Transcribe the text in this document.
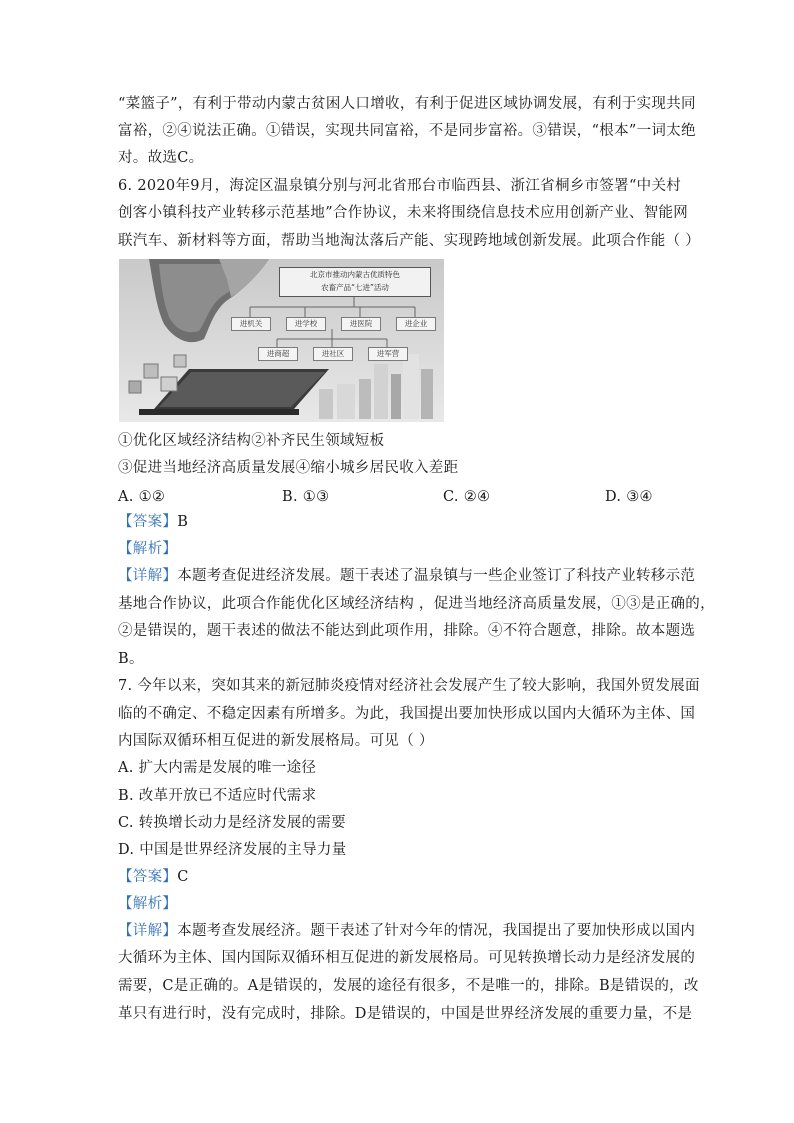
“菜篮子”，有利于带动内蒙古贫困人口增收，有利于促进区域协调发展，有利于实现共同
富裕，②④说法正确。①错误，实现共同富裕，不是同步富裕。③错误，“根本”一词太绝
对。故选C。
6. 2020年9月，海淀区温泉镇分别与河北省邢台市临西县、浙江省桐乡市签署“中关村
创客小镇科技产业转移示范基地”合作协议，未来将围绕信息技术应用创新产业、智能网
联汽车、新材料等方面，帮助当地淘汰落后产能、实现跨地域创新发展。此项合作能（ ）
北京市推动内蒙古优质特色
农畜产品“七进”活动
进机关	进学校	进医院	进企业
进商超	进社区	进军营
①优化区域经济结构②补齐民生领域短板
③促进当地经济高质量发展④缩小城乡居民收入差距
A. ①②	B. ①③	C. ②④	D. ③④
【答案】B
【解析】
【详解】本题考查促进经济发展。题干表述了温泉镇与一些企业签订了科技产业转移示范
基地合作协议，此项合作能优化区域经济结构 ，促进当地经济高质量发展，①③是正确的，
②是错误的，题干表述的做法不能达到此项作用，排除。④不符合题意，排除。故本题选
B。
7. 今年以来，突如其来的新冠肺炎疫情对经济社会发展产生了较大影响，我国外贸发展面
临的不确定、不稳定因素有所增多。为此，我国提出要加快形成以国内大循环为主体、国
内国际双循环相互促进的新发展格局。可见（ ）
A. 扩大内需是发展的唯一途径
B. 改革开放已不适应时代需求
C. 转换增长动力是经济发展的需要
D. 中国是世界经济发展的主导力量
【答案】C
【解析】
【详解】本题考查发展经济。题干表述了针对今年的情况，我国提出了要加快形成以国内
大循环为主体、国内国际双循环相互促进的新发展格局。可见转换增长动力是经济发展的
需要，C是正确的。A是错误的，发展的途径有很多，不是唯一的，排除。B是错误的，改
革只有进行时，没有完成时，排除。D是错误的，中国是世界经济发展的重要力量，不是
